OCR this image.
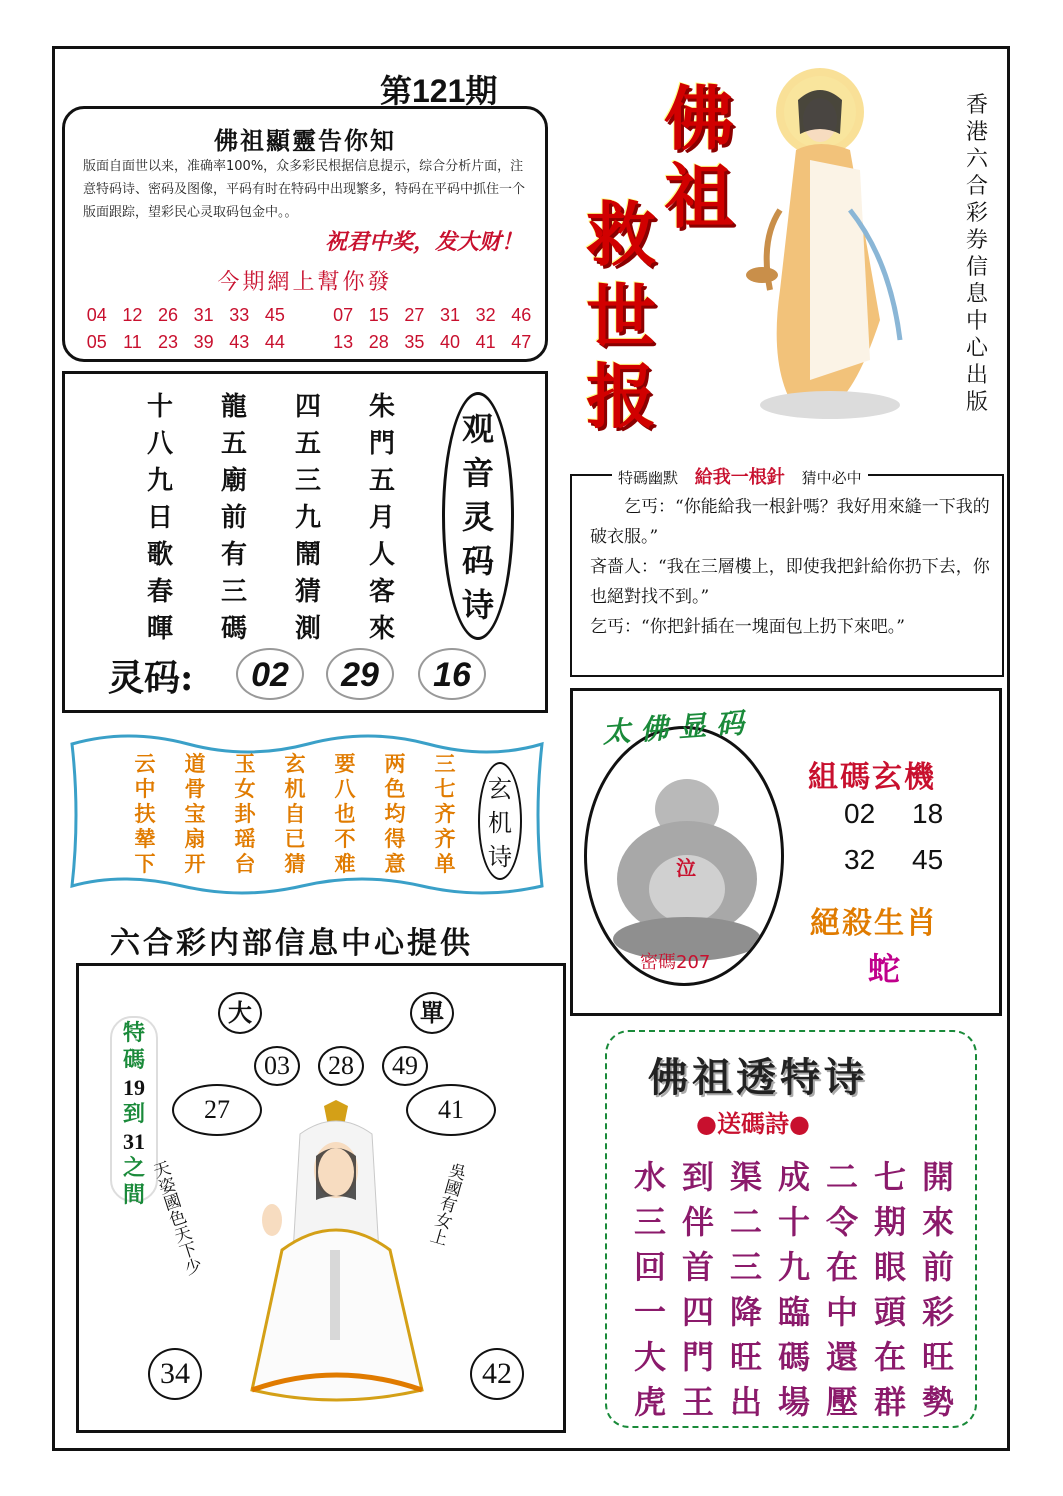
第121期
佛祖顯靈告你知
版面自面世以来，准确率100%，众多彩民根据信息提示，综合分析片面，注意特码诗、密码及图像，平码有时在特码中出现繁多，特码在平码中抓住一个版面跟踪，望彩民心灵取码包金中。。
祝君中奖，发大财！
今期網上幫你發
04 12 26 31 33 45	07 15 27 31 32 46
05 11 23 39 43 44	13 28 35 40 41 47
佛
祖
救
世
报
香港六合彩券信息中心出版
十	龍	四	朱
八	五	五	門
九	廟	三	五
日	前	九	月
歌	有	鬧	人
春	三	猜	客
暉	碼	測	來
观
音
灵
码
诗
灵码:	02	29	16
云	道	玉	玄	要	两	三
中	骨	女	机	八	色	七
扶	宝	卦	自	也	均	齐
辇	扇	瑶	已	不	得	齐
下	开	台	猜	难	意	单
玄
机
诗
六合彩内部信息中心提供
大	單
03	28	49
27	41
34	42
特
碼
19
到
31
之
間 天姿國色天下少	吳國有女上
特碼幽默 給我一根針 猜中必中
乞丐：“你能給我一根針嗎？我好用來縫一下我的破衣服。”
吝嗇人：“我在三層樓上，即使我把針給你扔下去，你也絕對找不到。”
乞丐：“你把針插在一塊面包上扔下來吧。”
太佛显码
泣
密碼207
組碼玄機
02 18
32 45
絕殺生肖
蛇
佛祖透特诗
●送碼詩●
水 到 渠 成 二 七 開
三 伴 二 十 令 期 來
回 首 三 九 在 眼 前
一 四 降 臨 中 頭 彩
大 門 旺 碼 還 在 旺
虎 王 出 場 壓 群 勢
